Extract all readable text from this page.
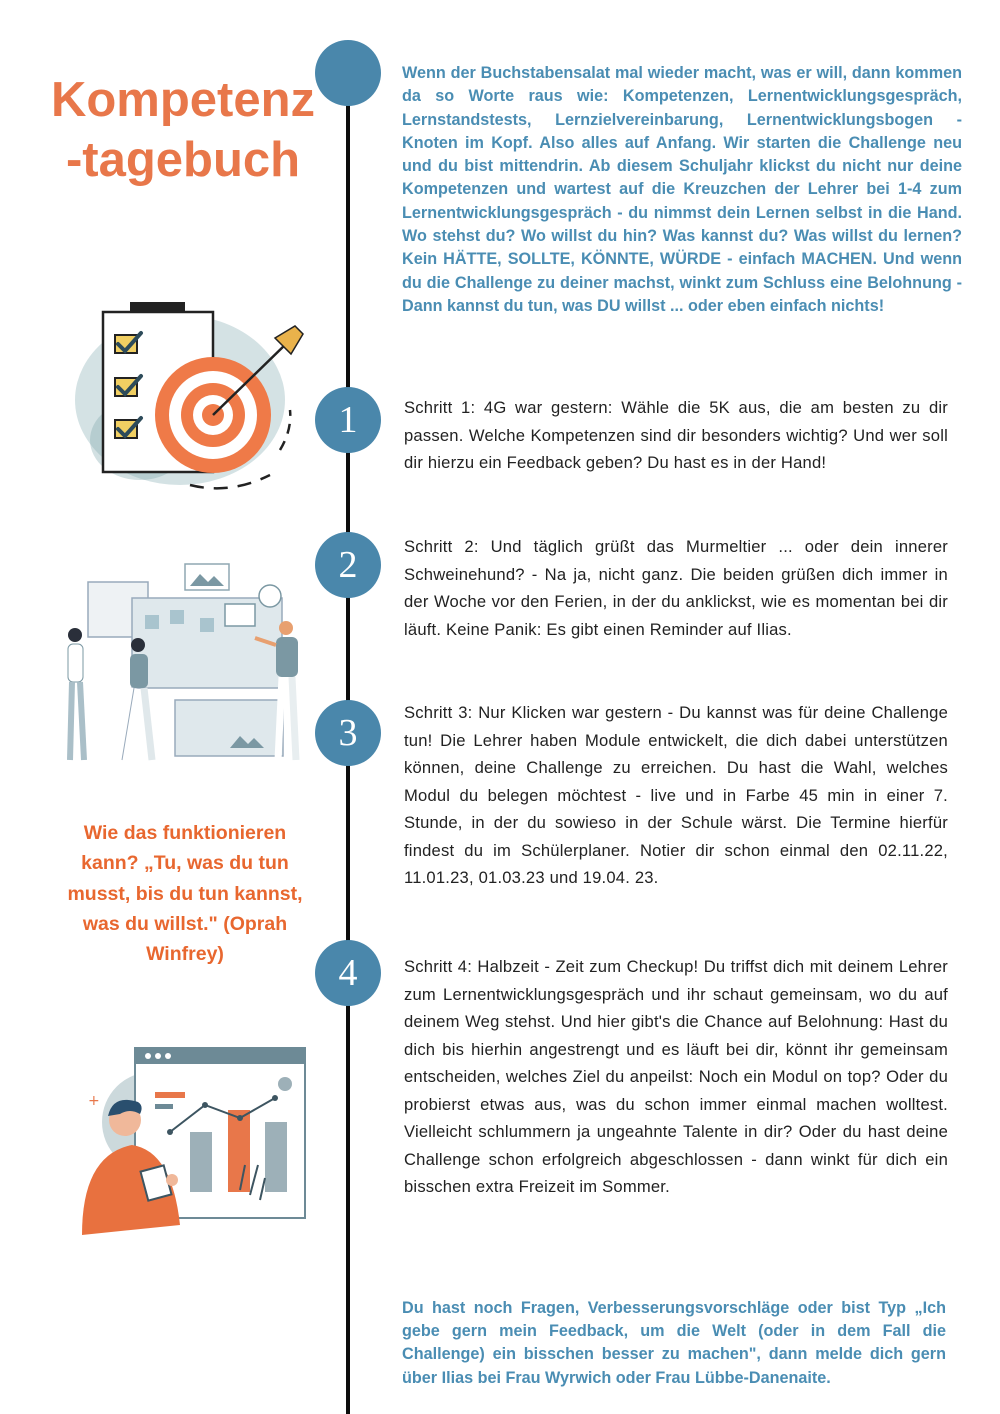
Kompetenz
-tagebuch
1
2
3
4
Wenn der Buchstabensalat mal wieder macht, was er will, dann kommen da so Worte raus wie: Kompetenzen, Lernentwicklungsgespräch, Lernstandstests, Lernzielvereinbarung, Lernentwicklungsbogen - Knoten im Kopf. Also alles auf Anfang. Wir starten die Challenge neu und du bist mittendrin. Ab diesem Schuljahr klickst du nicht nur deine Kompetenzen und wartest auf die Kreuzchen der Lehrer bei 1-4 zum Lernentwicklungsgespräch - du nimmst dein Lernen selbst in die Hand. Wo stehst du? Wo willst du hin? Was kannst du? Was willst du lernen? Kein HÄTTE, SOLLTE, KÖNNTE, WÜRDE - einfach MACHEN. Und wenn du die Challenge zu deiner machst, winkt zum Schluss eine Belohnung - Dann kannst du tun, was DU willst ... oder eben einfach nichts!
Schritt 1: 4G war gestern: Wähle die 5K aus, die am besten zu dir passen. Welche Kompetenzen sind dir besonders wichtig? Und wer soll dir hierzu ein Feedback geben? Du hast es in der Hand!
Schritt 2: Und täglich grüßt das Murmeltier ... oder dein innerer Schweinehund? - Na ja, nicht ganz. Die beiden grüßen dich immer in der Woche vor den Ferien, in der du anklickst, wie es momentan bei dir läuft. Keine Panik: Es gibt einen Reminder auf Ilias.
Schritt 3: Nur Klicken war gestern - Du kannst was für deine Challenge tun! Die Lehrer haben Module entwickelt, die dich dabei unterstützen können, deine Challenge zu erreichen. Du hast die Wahl, welches Modul du belegen möchtest - live und in Farbe 45 min in einer 7. Stunde, in der du sowieso in der Schule wärst. Die Termine hierfür findest du im Schülerplaner. Notier dir schon einmal den 02.11.22, 11.01.23, 01.03.23 und 19.04. 23.
Schritt 4: Halbzeit - Zeit zum Checkup! Du triffst dich mit deinem Lehrer zum Lernentwicklungsgespräch und ihr schaut gemeinsam, wo du auf deinem Weg stehst. Und hier gibt's die Chance auf Belohnung: Hast du dich bis hierhin angestrengt und es läuft bei dir, könnt ihr gemeinsam entscheiden, welches Ziel du anpeilst: Noch ein Modul on top? Oder du probierst etwas aus, was du schon immer einmal machen wolltest. Vielleicht schlummern ja ungeahnte Talente in dir? Oder du hast deine Challenge schon erfolgreich abgeschlossen - dann winkt für dich ein bisschen extra Freizeit im Sommer.
Wie das funktionieren kann? „Tu, was du tun musst, bis du tun kannst, was du willst." (Oprah Winfrey)
Du hast noch Fragen, Verbesserungsvorschläge oder bist Typ „Ich gebe gern mein Feedback, um die Welt (oder in dem Fall die Challenge) ein bisschen besser zu machen", dann melde dich gern über Ilias bei Frau Wyrwich oder Frau Lübbe-Danenaite.
+
